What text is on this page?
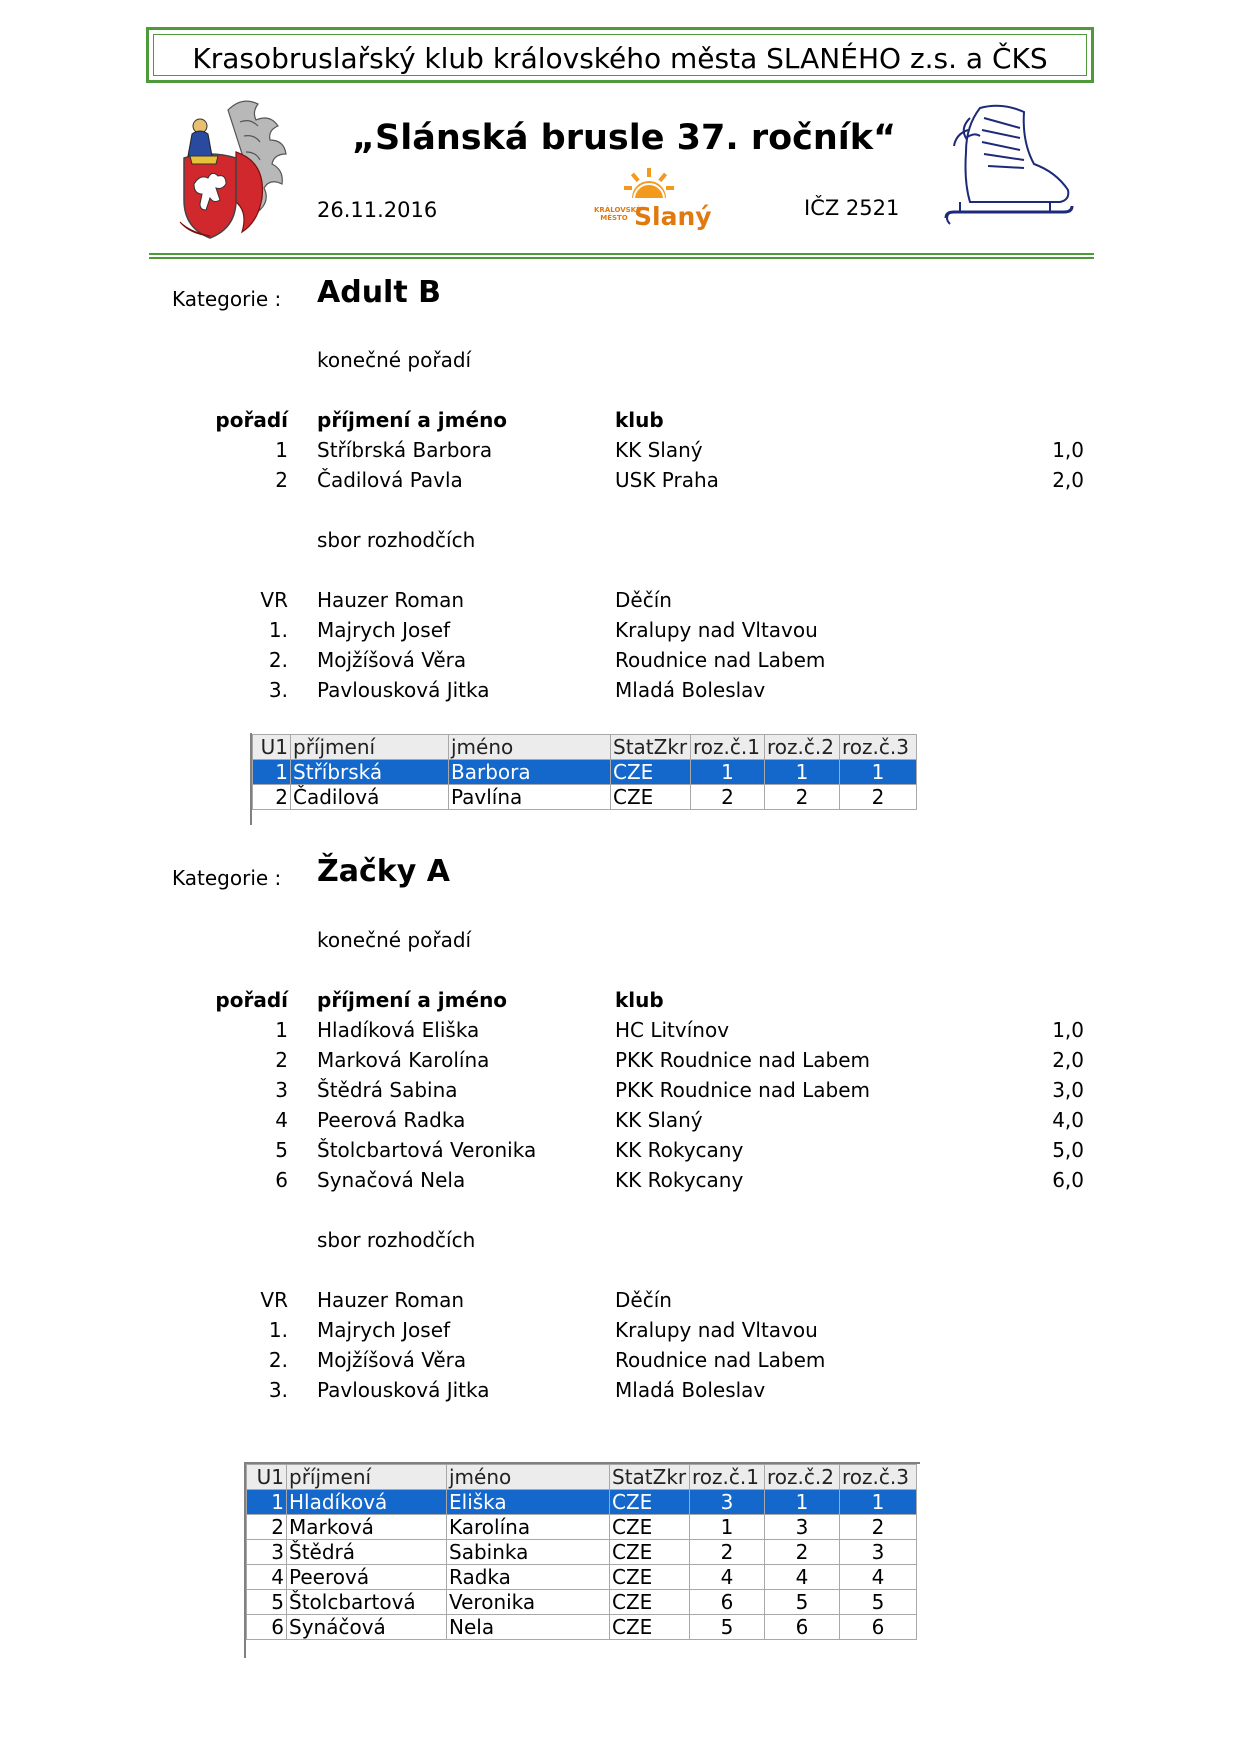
Krasobruslařský klub královského města SLANÉHO z.s. a ČKS
„Slánská brusle 37. ročník“
26.11.2016	KRÁLOVSKÉ MĚSTO Slaný	IČZ 2521
Kategorie : Adult B
konečné pořadí
pořadí příjmení a jméno	klub
1 Stříbrská Barbora	KK Slaný	1,0
2 Čadilová Pavla	USK Praha	2,0
sbor rozhodčích
VR Hauzer Roman	Děčín
1. Majrych Josef	Kralupy nad Vltavou
2. Mojžíšová Věra	Roudnice nad Labem
3. Pavlousková Jitka	Mladá Boleslav
U1	příjmení	jméno	StatZkr	roz.č.1	roz.č.2	roz.č.3
1	Stříbrská	Barbora	CZE	1	1	1
2	Čadilová	Pavlína	CZE	2	2	2
Kategorie : Žačky A
konečné pořadí
pořadí příjmení a jméno	klub
1 Hladíková Eliška	HC Litvínov	1,0
2 Marková Karolína	PKK Roudnice nad Labem	2,0
3 Štědrá Sabina	PKK Roudnice nad Labem	3,0
4 Peerová Radka	KK Slaný	4,0
5 Štolcbartová Veronika	KK Rokycany	5,0
6 Synačová Nela	KK Rokycany	6,0
sbor rozhodčích
VR Hauzer Roman	Děčín
1. Majrych Josef	Kralupy nad Vltavou
2. Mojžíšová Věra	Roudnice nad Labem
3. Pavlousková Jitka	Mladá Boleslav
U1	příjmení	jméno	StatZkr	roz.č.1	roz.č.2	roz.č.3
1	Hladíková	Eliška	CZE	3	1	1
2	Marková	Karolína	CZE	1	3	2
3	Štědrá	Sabinka	CZE	2	2	3
4	Peerová	Radka	CZE	4	4	4
5	Štolcbartová	Veronika	CZE	6	5	5
6	Synáčová	Nela	CZE	5	6	6
